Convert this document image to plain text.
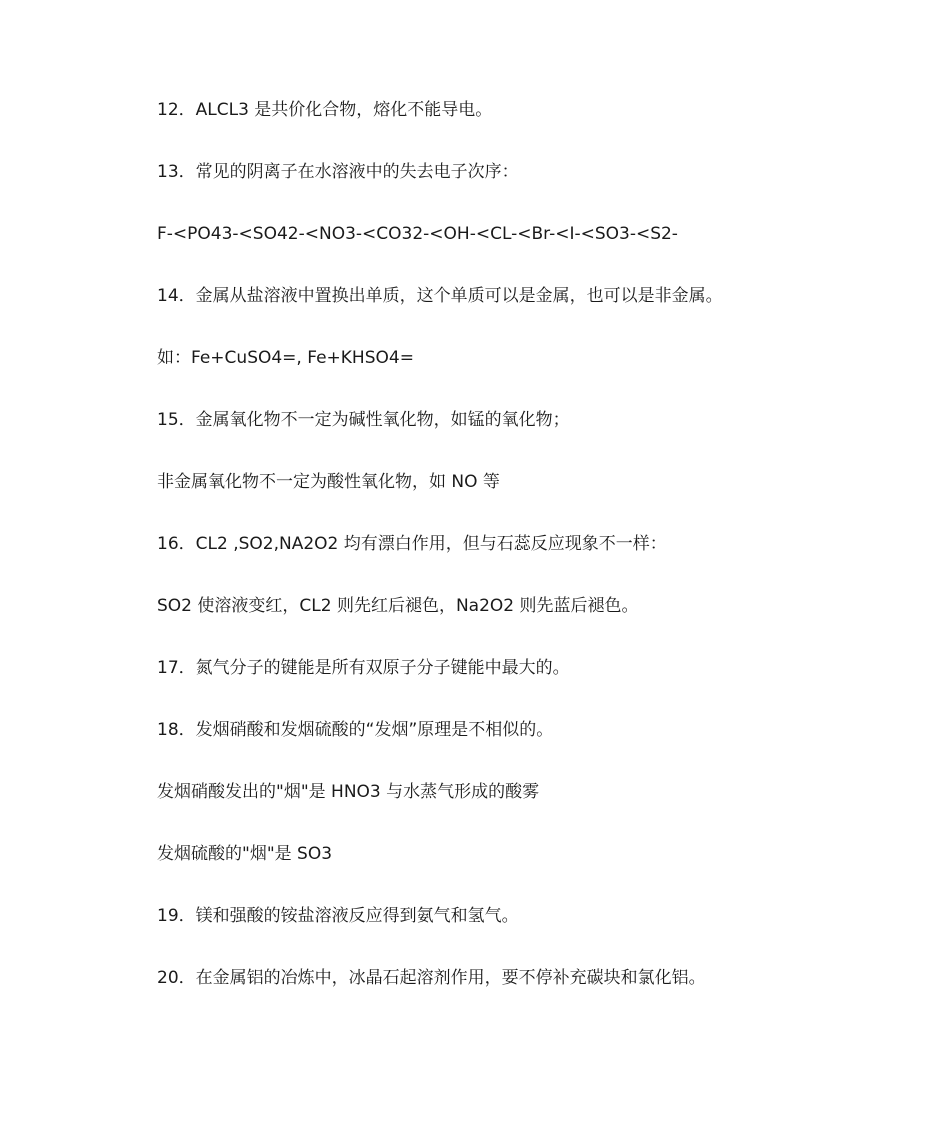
12．ALCL3 是共价化合物，熔化不能导电。
13．常见的阴离子在水溶液中的失去电子次序：
F-<PO43-<SO42-<NO3-<CO32-<OH-<CL-<Br-<I-<SO3-<S2-
14．金属从盐溶液中置换出单质，这个单质可以是金属，也可以是非金属。
如：Fe+CuSO4=, Fe+KHSO4=
15．金属氧化物不一定为碱性氧化物，如锰的氧化物；
非金属氧化物不一定为酸性氧化物，如 NO 等
16．CL2 ,SO2,NA2O2 均有漂白作用，但与石蕊反应现象不一样：
SO2 使溶液变红，CL2 则先红后褪色，Na2O2 则先蓝后褪色。
17．氮气分子的键能是所有双原子分子键能中最大的。
18．发烟硝酸和发烟硫酸的“发烟”原理是不相似的。
发烟硝酸发出的"烟"是 HNO3 与水蒸气形成的酸雾
发烟硫酸的"烟"是 SO3
19．镁和强酸的铵盐溶液反应得到氨气和氢气。
20．在金属铝的冶炼中，冰晶石起溶剂作用，要不停补充碳块和氯化铝。
